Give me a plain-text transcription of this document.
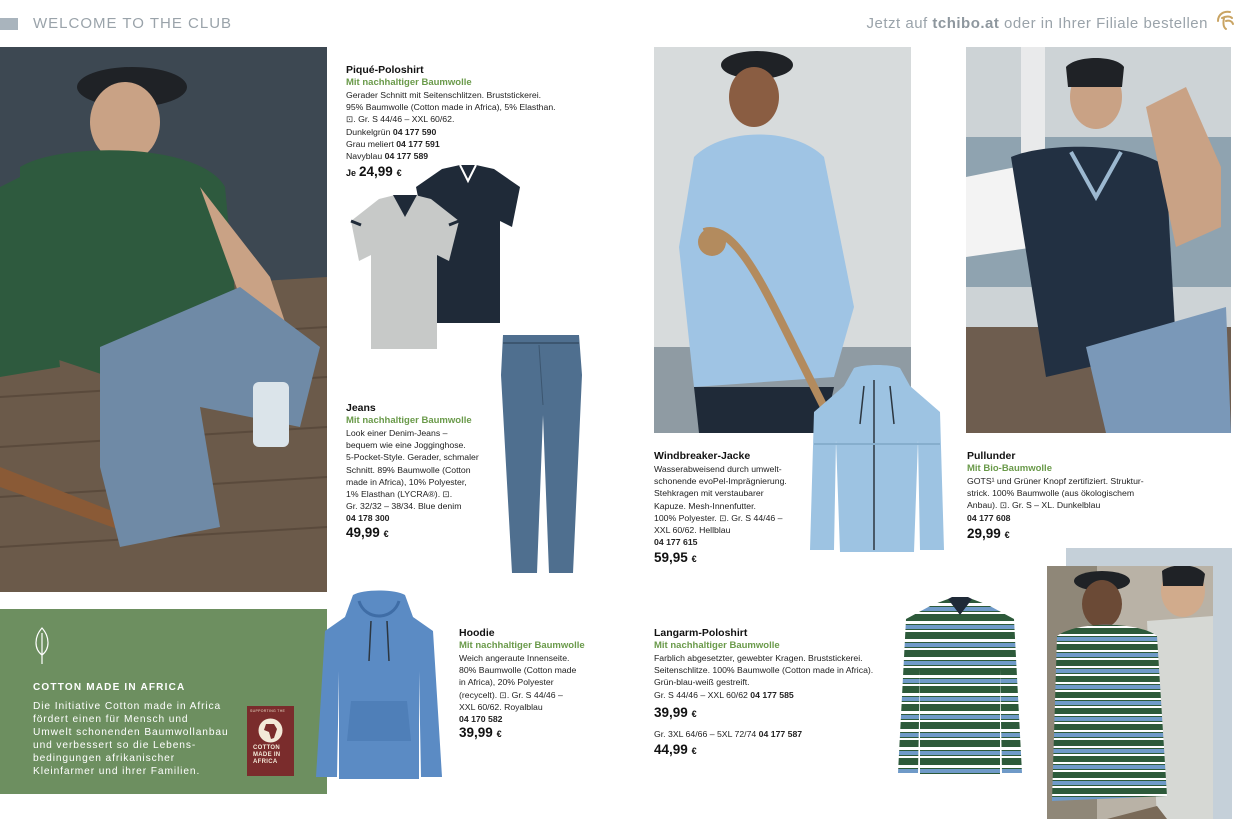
WELCOME TO THE CLUB	Jetzt auf tchibo.at oder in Ihrer Filiale bestellen
Piqué-Poloshirt
Mit nachhaltiger Baumwolle
Gerader Schnitt mit Seitenschlitzen. Bruststickerei.
95% Baumwolle (Cotton made in Africa), 5% Elasthan.
⊡. Gr. S 44/46 – XXL 60/62.
Dunkelgrün 04 177 590
Grau meliert 04 177 591
Navyblau 04 177 589
Je 24,99 €
Jeans
Mit nachhaltiger Baumwolle
Look einer Denim-Jeans –
bequem wie eine Jogginghose.
5-Pocket-Style. Gerader, schmaler
Schnitt. 89% Baumwolle (Cotton
made in Africa), 10% Polyester,
1% Elasthan (LYCRA®). ⊡.
Gr. 32/32 – 38/34. Blue denim
04 178 300
49,99 €
Windbreaker-Jacke
Wasserabweisend durch umwelt-
schonende evoPel-Imprägnierung.
Stehkragen mit verstaubarer
Kapuze. Mesh-Innenfutter.
100% Polyester. ⊡. Gr. S 44/46 –
XXL 60/62. Hellblau
04 177 615
59,95 €
Pullunder
Mit Bio-Baumwolle
GOTS¹ und Grüner Knopf zertifiziert. Struktur-
strick. 100% Baumwolle (aus ökologischem
Anbau). ⊡. Gr. S – XL. Dunkelblau
04 177 608
29,99 €
COTTON MADE IN AFRICA
Die Initiative Cotton made in Africa
fördert einen für Mensch und
Umwelt schonenden Baumwollanbau
und verbessert so die Lebens-
bedingungen afrikanischer
Kleinfarmer und ihrer Familien.
SUPPORTING THE
COTTON
MADE IN
AFRICA
Hoodie
Mit nachhaltiger Baumwolle
Weich angeraute Innenseite.
80% Baumwolle (Cotton made
in Africa), 20% Polyester
(recycelt). ⊡. Gr. S 44/46 –
XXL 60/62. Royalblau
04 170 582
39,99 €
Langarm-Poloshirt
Mit nachhaltiger Baumwolle
Farblich abgesetzter, gewebter Kragen. Bruststickerei.
Seitenschlitze. 100% Baumwolle (Cotton made in Africa).
Grün-blau-weiß gestreift.
Gr. S 44/46 – XXL 60/62 04 177 585
39,99 €
Gr. 3XL 64/66 – 5XL 72/74 04 177 587
44,99 €
